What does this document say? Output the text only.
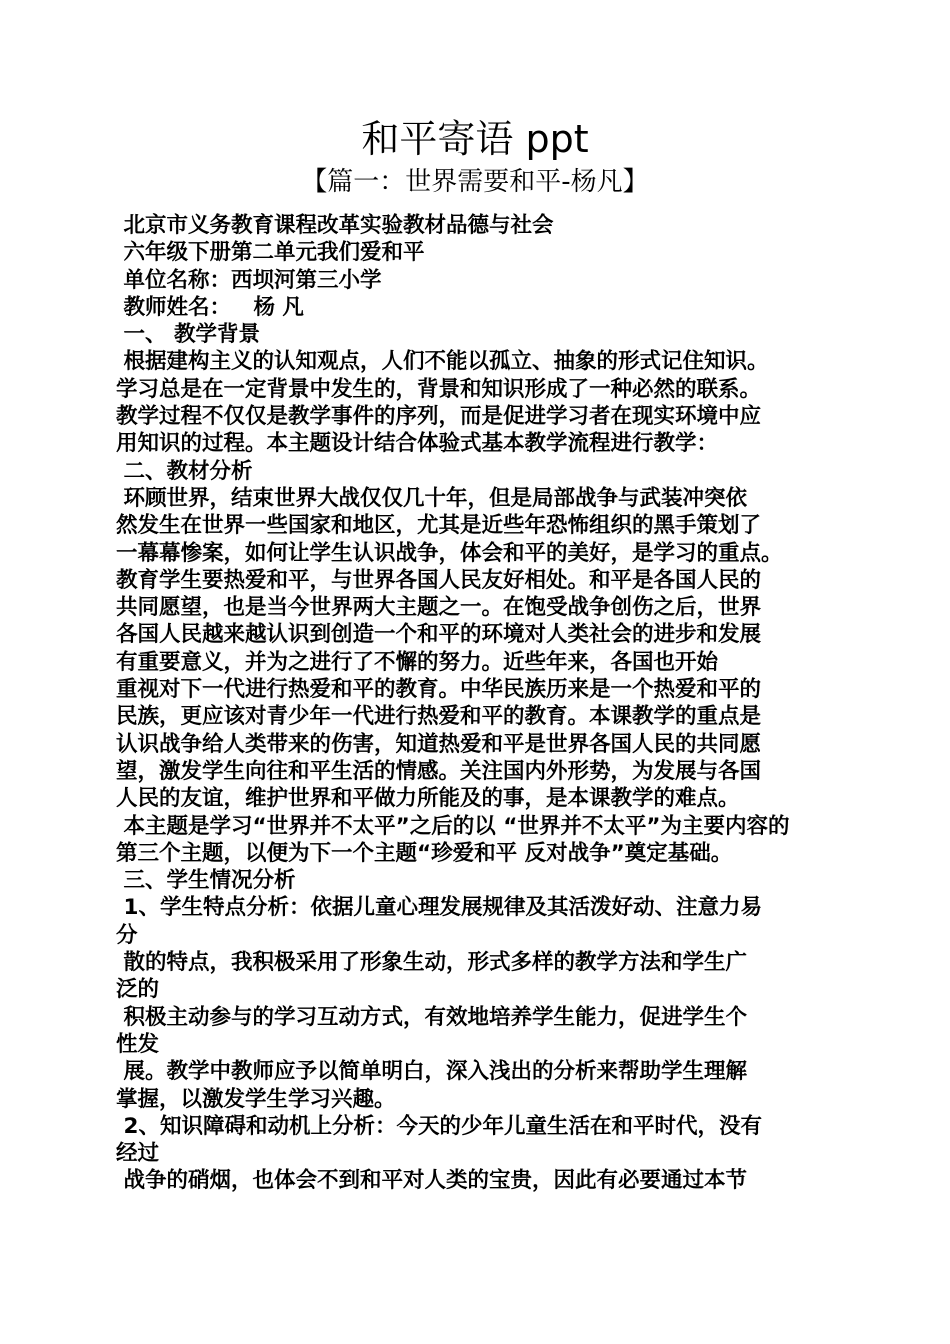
和平寄语 ppt
【篇一：世界需要和平-杨凡】
北京市义务教育课程改革实验教材品德与社会
六年级下册第二单元我们爱和平
单位名称：西坝河第三小学
教师姓名：   杨 凡
一、 教学背景
根据建构主义的认知观点，人们不能以孤立、抽象的形式记住知识。
学习总是在一定背景中发生的，背景和知识形成了一种必然的联系。
教学过程不仅仅是教学事件的序列，而是促进学习者在现实环境中应
用知识的过程。本主题设计结合体验式基本教学流程进行教学：
二、教材分析
环顾世界，结束世界大战仅仅几十年，但是局部战争与武装冲突依
然发生在世界一些国家和地区，尤其是近些年恐怖组织的黑手策划了
一幕幕惨案，如何让学生认识战争，体会和平的美好，是学习的重点。
教育学生要热爱和平，与世界各国人民友好相处。和平是各国人民的
共同愿望，也是当今世界两大主题之一。在饱受战争创伤之后，世界
各国人民越来越认识到创造一个和平的环境对人类社会的进步和发展
有重要意义，并为之进行了不懈的努力。近些年来，各国也开始
重视对下一代进行热爱和平的教育。中华民族历来是一个热爱和平的
民族，更应该对青少年一代进行热爱和平的教育。本课教学的重点是
认识战争给人类带来的伤害，知道热爱和平是世界各国人民的共同愿
望，激发学生向往和平生活的情感。关注国内外形势，为发展与各国
人民的友谊，维护世界和平做力所能及的事，是本课教学的难点。
本主题是学习“世界并不太平”之后的以 “世界并不太平”为主要内容的
第三个主题，以便为下一个主题“珍爱和平 反对战争”奠定基础。
三、学生情况分析
1、学生特点分析：依据儿童心理发展规律及其活泼好动、注意力易
分
散的特点，我积极采用了形象生动，形式多样的教学方法和学生广
泛的
积极主动参与的学习互动方式，有效地培养学生能力，促进学生个
性发
展。教学中教师应予以简单明白，深入浅出的分析来帮助学生理解
掌握，以激发学生学习兴趣。
2、知识障碍和动机上分析：今天的少年儿童生活在和平时代，没有
经过
战争的硝烟，也体会不到和平对人类的宝贵，因此有必要通过本节
